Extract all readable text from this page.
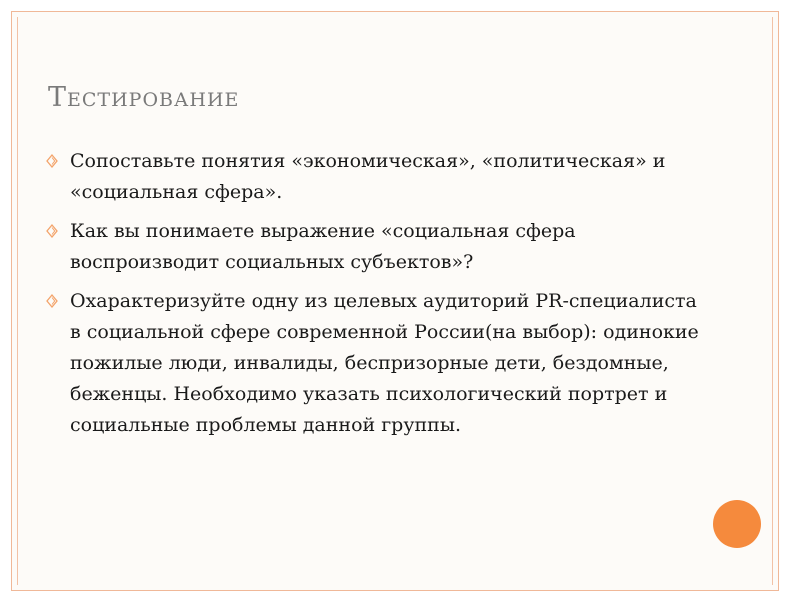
Тестирование
Сопоставьте понятия «экономическая», «политическая» и «социальная сфера».
Как вы понимаете выражение «социальная сфера воспроизводит социальных субъектов»?
Охарактеризуйте одну из целевых аудиторий PR-специалиста в социальной сфере современной России(на выбор): одинокие пожилые люди, инвалиды, беспризорные дети, бездомные, беженцы. Необходимо указать психологический портрет и социальные проблемы данной группы.
